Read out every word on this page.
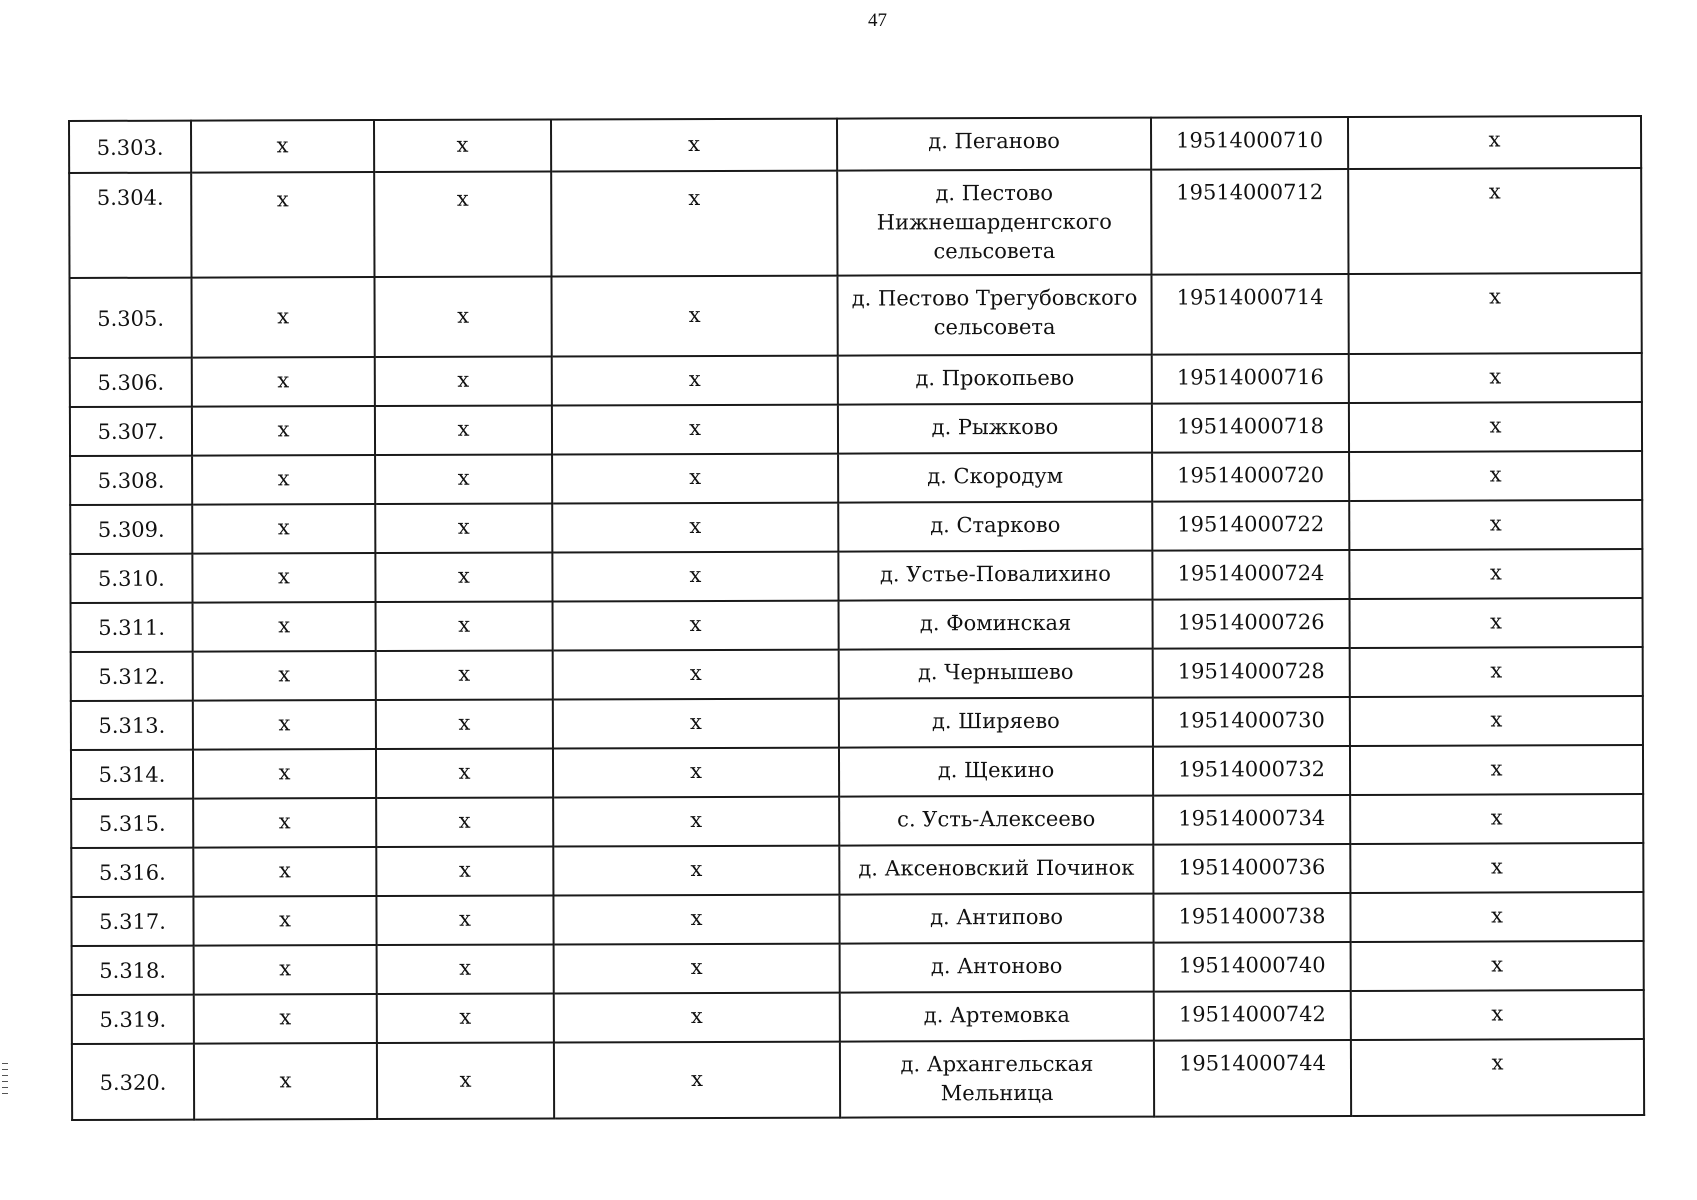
47
5.303.	x	x	x	д. Пеганово	19514000710	x
5.304.	x	x	x	д. Пестово Нижнешарденгского сельсовета	19514000712	x
5.305.	x	x	x	д. Пестово Трегубовского сельсовета	19514000714	x
5.306.	x	x	x	д. Прокопьево	19514000716	x
5.307.	x	x	x	д. Рыжково	19514000718	x
5.308.	x	x	x	д. Скородум	19514000720	x
5.309.	x	x	x	д. Старково	19514000722	x
5.310.	x	x	x	д. Устье-Повалихино	19514000724	x
5.311.	x	x	x	д. Фоминская	19514000726	x
5.312.	x	x	x	д. Чернышево	19514000728	x
5.313.	x	x	x	д. Ширяево	19514000730	x
5.314.	x	x	x	д. Щекино	19514000732	x
5.315.	x	x	x	с. Усть-Алексеево	19514000734	x
5.316.	x	x	x	д. Аксеновский Починок	19514000736	x
5.317.	x	x	x	д. Антипово	19514000738	x
5.318.	x	x	x	д. Антоново	19514000740	x
5.319.	x	x	x	д. Артемовка	19514000742	x
5.320.	x	x	x	д. Архангельская Мельница	19514000744	x
